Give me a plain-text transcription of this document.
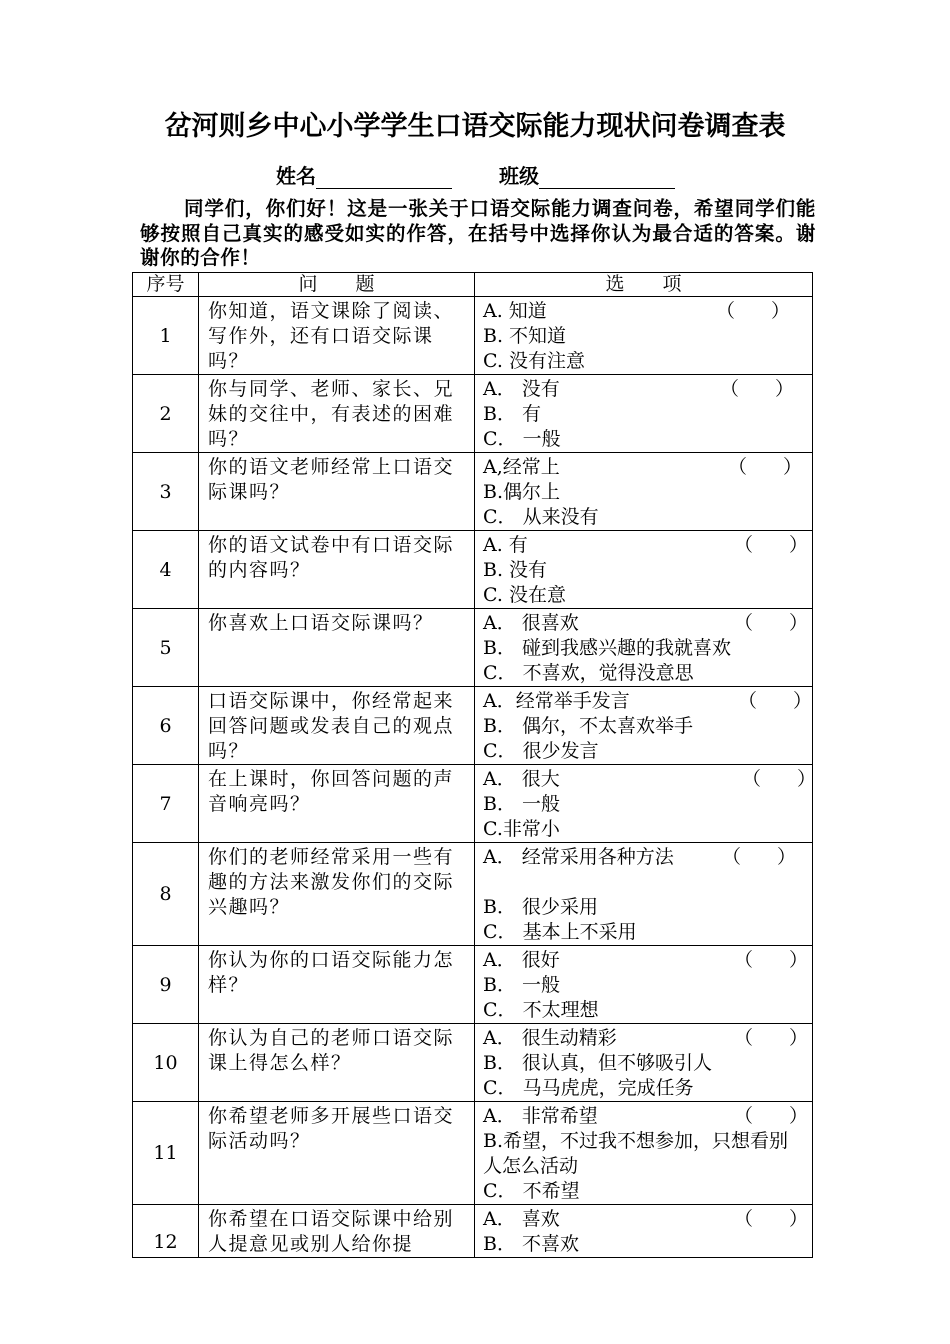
岔河则乡中心小学学生口语交际能力现状问卷调查表
姓名	班级
同学们，你们好！这是一张关于口语交际能力调查问卷，希望同学们能够按照自己真实的感受如实的作答，在括号中选择你认为最合适的答案。谢谢你的合作！
序号	问　　题	选　　项
1	你知道，语文课除了阅读、写作外，还有口语交际课吗？	A. 知道
B. 不知道
C. 没有注意
（ ）

2	你与同学、老师、家长、兄妹的交往中，有表述的困难吗？	A． 没有
B． 有
C． 一般
（ ）

3	你的语文老师经常上口语交际课吗？	A,经常上
B.偶尔上
C． 从来没有
（ ）

4	你的语文试卷中有口语交际的内容吗？	A. 有
B. 没有
C. 没在意
（ ）

5	你喜欢上口语交际课吗？	A． 很喜欢
B． 碰到我感兴趣的我就喜欢
C． 不喜欢，觉得没意思
（ ）

6	口语交际课中，你经常起来回答问题或发表自己的观点吗？	A．经常举手发言
B． 偶尔，不太喜欢举手
C． 很少发言
（ ）

7	在上课时，你回答问题的声音响亮吗？	A． 很大
B． 一般
C.非常小
（ ）

8	你们的老师经常采用一些有趣的方法来激发你们的交际兴趣吗？	A． 经常采用各种方法
B． 很少采用
C． 基本上不采用
（ ）

9	你认为你的口语交际能力怎样？	A． 很好
B． 一般
C． 不太理想
（ ）

10	你认为自己的老师口语交际课上得怎么样？	A． 很生动精彩
B． 很认真，但不够吸引人
C． 马马虎虎，完成任务
（ ）

11	你希望老师多开展些口语交际活动吗？	A． 非常希望
B.希望，不过我不想参加，只想看别人怎么活动
C． 不希望
（ ）

12	你希望在口语交际课中给别人提意见或别人给你提	A． 喜欢
B． 不喜欢
（ ）
